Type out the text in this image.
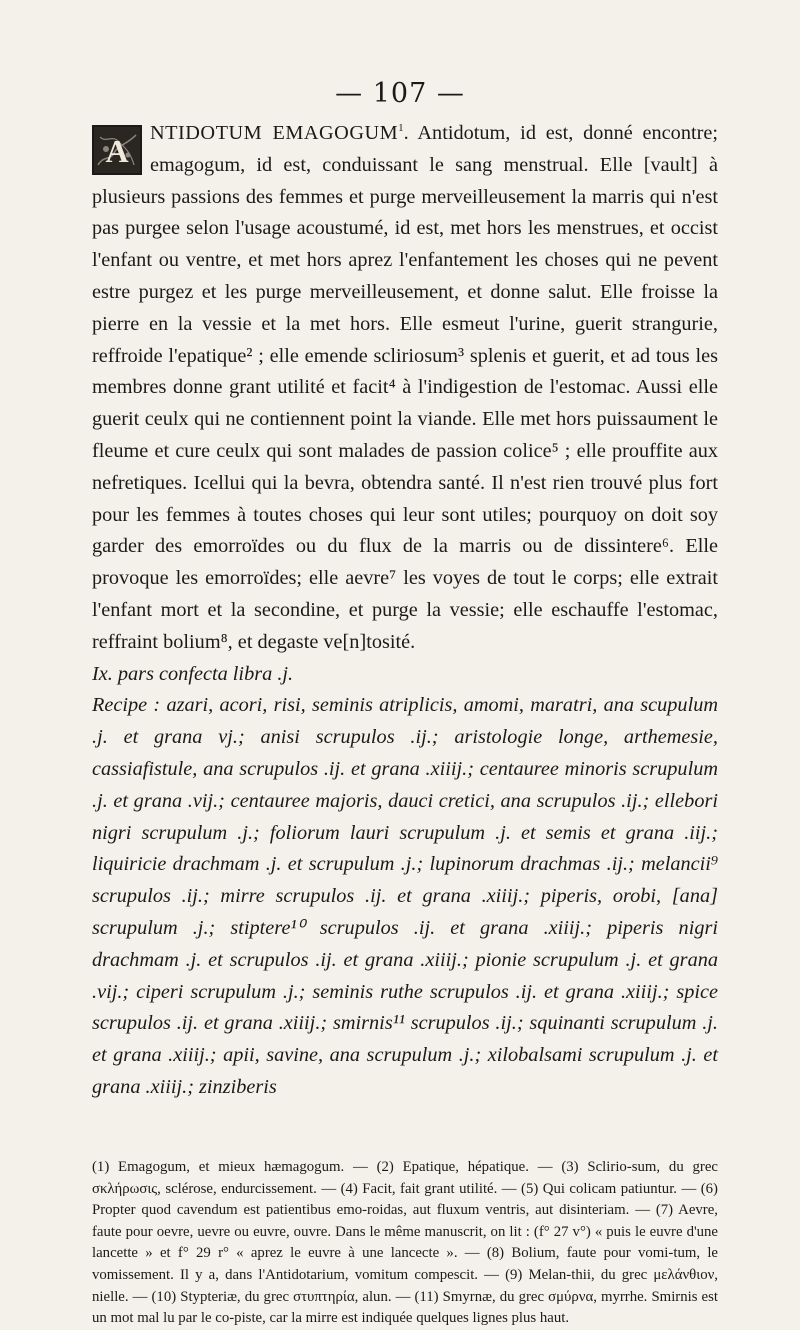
— 107 —
A	NTIDOTUM EMAGOGUM$^1$. Antidotum, id est, donné encontre; emagogum, id est, conduissant le sang menstrual. Elle [vault] à plusieurs passions des femmes et purge merveilleusement la marris qui n'est pas purgee selon l'usage acoustumé, id est, met hors les menstrues, et occist l'enfant ou ventre, et met hors aprez l'enfantement les choses qui ne pevent estre purgez et les purge merveilleusement, et donne salut. Elle froisse la pierre en la vessie et la met hors. Elle esmeut l'urine, guerit strangurie, reffroide l'epatique² ; elle emende scliriosum³ splenis et guerit, et ad tous les membres donne grant utilité et facit⁴ à l'indigestion de l'estomac. Aussi elle guerit ceulx qui ne contiennent point la viande. Elle met hors puissaument le fleume et cure ceulx qui sont malades de passion colice⁵ ; elle prouffite aux nefretiques. Icellui qui la bevra, obtendra santé. Il n'est rien trouvé plus fort pour les femmes à toutes choses qui leur sont utiles; pourquoy on doit soy garder des emorroïdes ou du flux de la marris ou de dissintere⁶. Elle provoque les emorroïdes; elle aevre⁷ les voyes de tout le corps; elle extrait l'enfant mort et la secondine, et purge la vessie; elle eschauffe l'estomac, reffraint bolium⁸, et degaste ve[n]tosité.

Ix. pars confecta libra .j.

Recipe : azari, acori, risi, seminis atriplicis, amomi, maratri, ana scupulum .j. et grana vj.; anisi scrupulos .ij.; aristologie longe, arthemesie, cassiafistule, ana scrupulos .ij. et grana .xiiij.; centauree minoris scrupulum .j. et grana .vij.; centauree majoris, dauci cretici, ana scrupulos .ij.; ellebori nigri scrupulum .j.; foliorum lauri scrupulum .j. et semis et grana .iij.; liquiricie drachmam .j. et scrupulum .j.; lupinorum drachmas .ij.; melancii⁹ scrupulos .ij.; mirre scrupulos .ij. et grana .xiiij.; piperis, orobi, [ana] scrupulum .j.; stiptere¹⁰ scrupulos .ij. et grana .xiiij.; piperis nigri drachmam .j. et scrupulos .ij. et grana .xiiij.; pionie scrupulum .j. et grana .vij.; ciperi scrupulum .j.; seminis ruthe scrupulos .ij. et grana .xiiij.; spice scrupulos .ij. et grana .xiiij.; smirnis¹¹ scrupulos .ij.; squinanti scrupulum .j. et grana .xiiij.; apii, savine, ana scrupulum .j.; xilobalsami scrupulum .j. et grana .xiiij.; zinziberis

(1) Emagogum, et mieux hæmagogum. — (2) Epatique, hépatique. — (3) Sclirio-sum, du grec σκλήρωσις, sclérose, endurcissement. — (4) Facit, fait grant utilité. — (5) Qui colicam patiuntur. — (6) Propter quod cavendum est patientibus emo-roidas, aut fluxum ventris, aut disinteriam. — (7) Aevre, faute pour oevre, uevre ou euvre, ouvre. Dans le même manuscrit, on lit : (f° 27 v°) « puis le euvre d'une lancette » et f° 29 r° « aprez le euvre à une lancecte ». — (8) Bolium, faute pour vomi-tum, le vomissement. Il y a, dans l'Antidotarium, vomitum compescit. — (9) Melan-thii, du grec μελάνθιον, nielle. — (10) Stypteriæ, du grec στυπτηρία, alun. — (11) Smyrnæ, du grec σμύρνα, myrrhe. Smirnis est un mot mal lu par le co-piste, car la mirre est indiquée quelques lignes plus haut.
